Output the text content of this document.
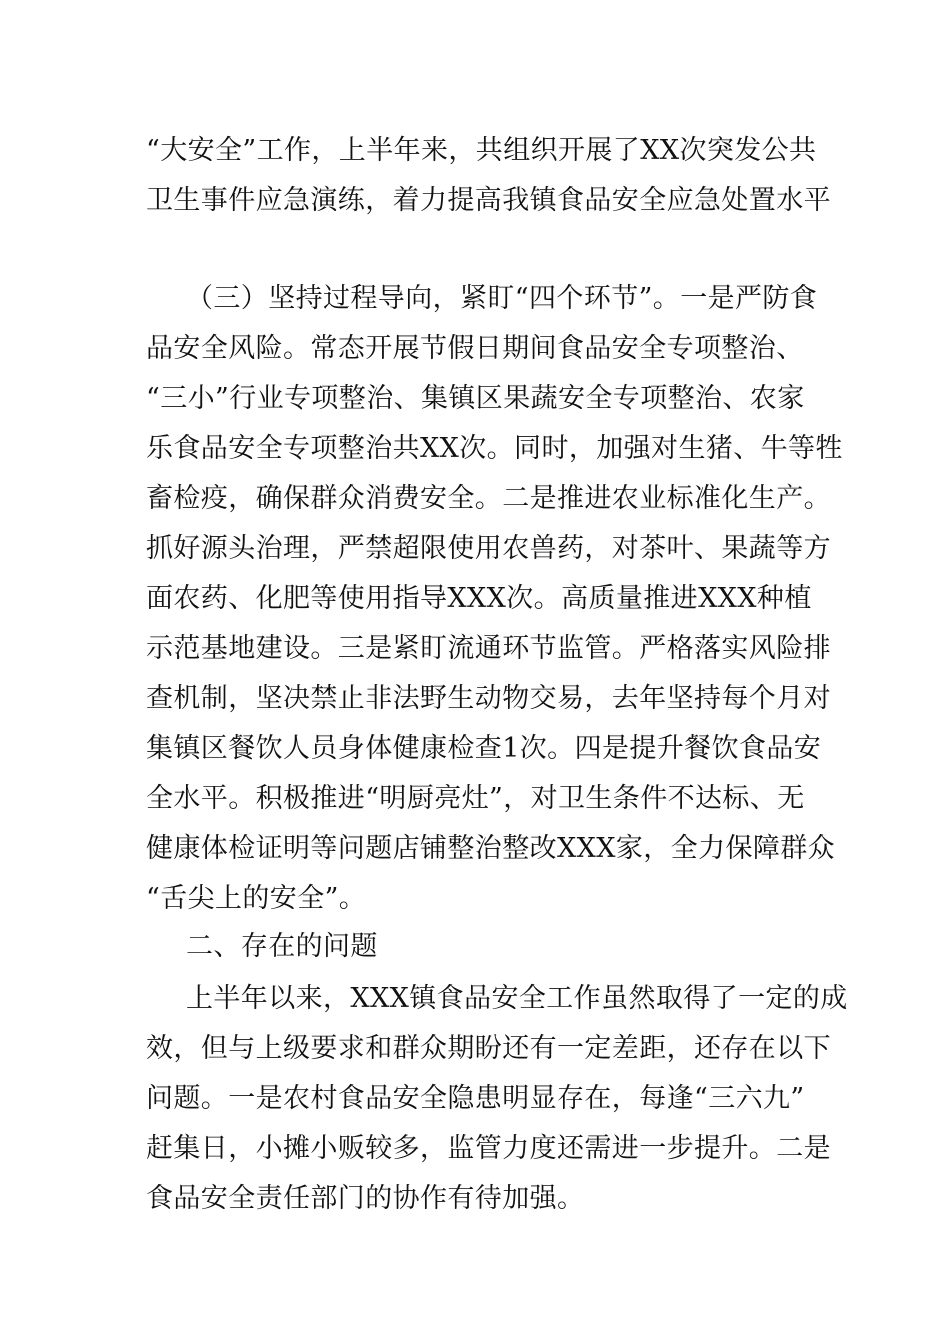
“大安全”工作，上半年来，共组织开展了XX次突发公共
卫生事件应急演练，着力提高我镇食品安全应急处置水平
（三）坚持过程导向，紧盯“四个环节”。一是严防食
品安全风险。常态开展节假日期间食品安全专项整治、
“三小”行业专项整治、集镇区果蔬安全专项整治、农家
乐食品安全专项整治共XX次。同时，加强对生猪、牛等牲
畜检疫，确保群众消费安全。二是推进农业标准化生产。
抓好源头治理，严禁超限使用农兽药，对茶叶、果蔬等方
面农药、化肥等使用指导XXX次。高质量推进XXX种植
示范基地建设。三是紧盯流通环节监管。严格落实风险排
查机制，坚决禁止非法野生动物交易，去年坚持每个月对
集镇区餐饮人员身体健康检查1次。四是提升餐饮食品安
全水平。积极推进“明厨亮灶”，对卫生条件不达标、无
健康体检证明等问题店铺整治整改XXX家，全力保障群众
“舌尖上的安全”。
二、存在的问题
上半年以来，XXX镇食品安全工作虽然取得了一定的成
效，但与上级要求和群众期盼还有一定差距，还存在以下
问题。一是农村食品安全隐患明显存在，每逢“三六九”
赶集日，小摊小贩较多，监管力度还需进一步提升。二是
食品安全责任部门的协作有待加强。
